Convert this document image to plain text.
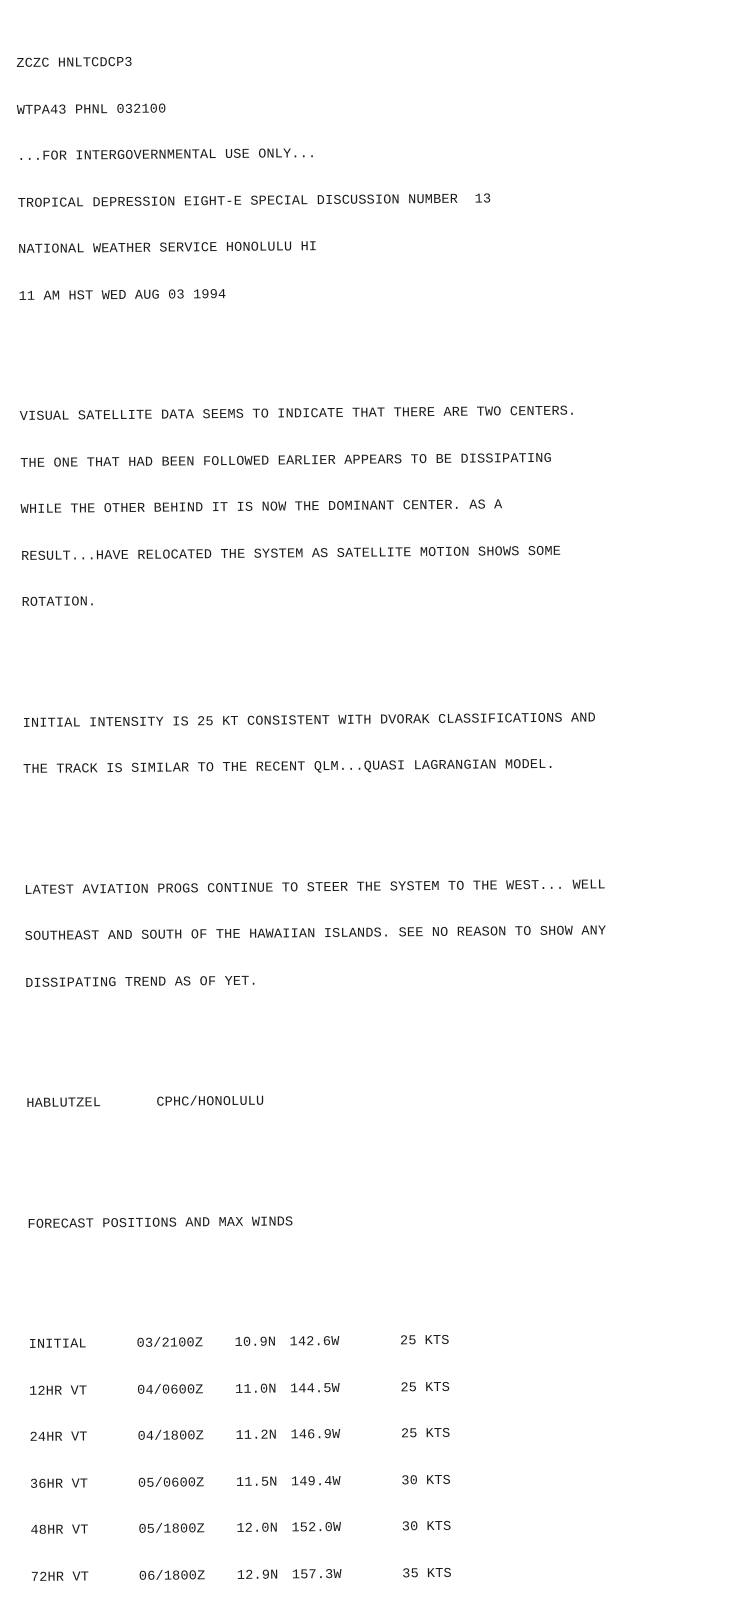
ZCZC HNLTCDCP3

WTPA43 PHNL 032100

...FOR INTERGOVERNMENTAL USE ONLY...

TROPICAL DEPRESSION EIGHT-E SPECIAL DISCUSSION NUMBER  13

NATIONAL WEATHER SERVICE HONOLULU HI

11 AM HST WED AUG 03 1994

VISUAL SATELLITE DATA SEEMS TO INDICATE THAT THERE ARE TWO CENTERS.

THE ONE THAT HAD BEEN FOLLOWED EARLIER APPEARS TO BE DISSIPATING

WHILE THE OTHER BEHIND IT IS NOW THE DOMINANT CENTER. AS A

RESULT...HAVE RELOCATED THE SYSTEM AS SATELLITE MOTION SHOWS SOME

ROTATION.

INITIAL INTENSITY IS 25 KT CONSISTENT WITH DVORAK CLASSIFICATIONS AND

THE TRACK IS SIMILAR TO THE RECENT QLM...QUASI LAGRANGIAN MODEL.

LATEST AVIATION PROGS CONTINUE TO STEER THE SYSTEM TO THE WEST... WELL

SOUTHEAST AND SOUTH OF THE HAWAIIAN ISLANDS. SEE NO REASON TO SHOW ANY

DISSIPATING TREND AS OF YET.

HABLUTZEL	CPHC/HONOLULU

FORECAST POSITIONS AND MAX WINDS

INITIAL	03/2100Z 10.9N 142.6W	25 KTS

12HR VT	04/0600Z 11.0N 144.5W	25 KTS

24HR VT	04/1800Z 11.2N 146.9W	25 KTS

36HR VT	05/0600Z 11.5N 149.4W	30 KTS

48HR VT	05/1800Z 12.0N 152.0W	30 KTS

72HR VT	06/1800Z 12.9N 157.3W	35 KTS
